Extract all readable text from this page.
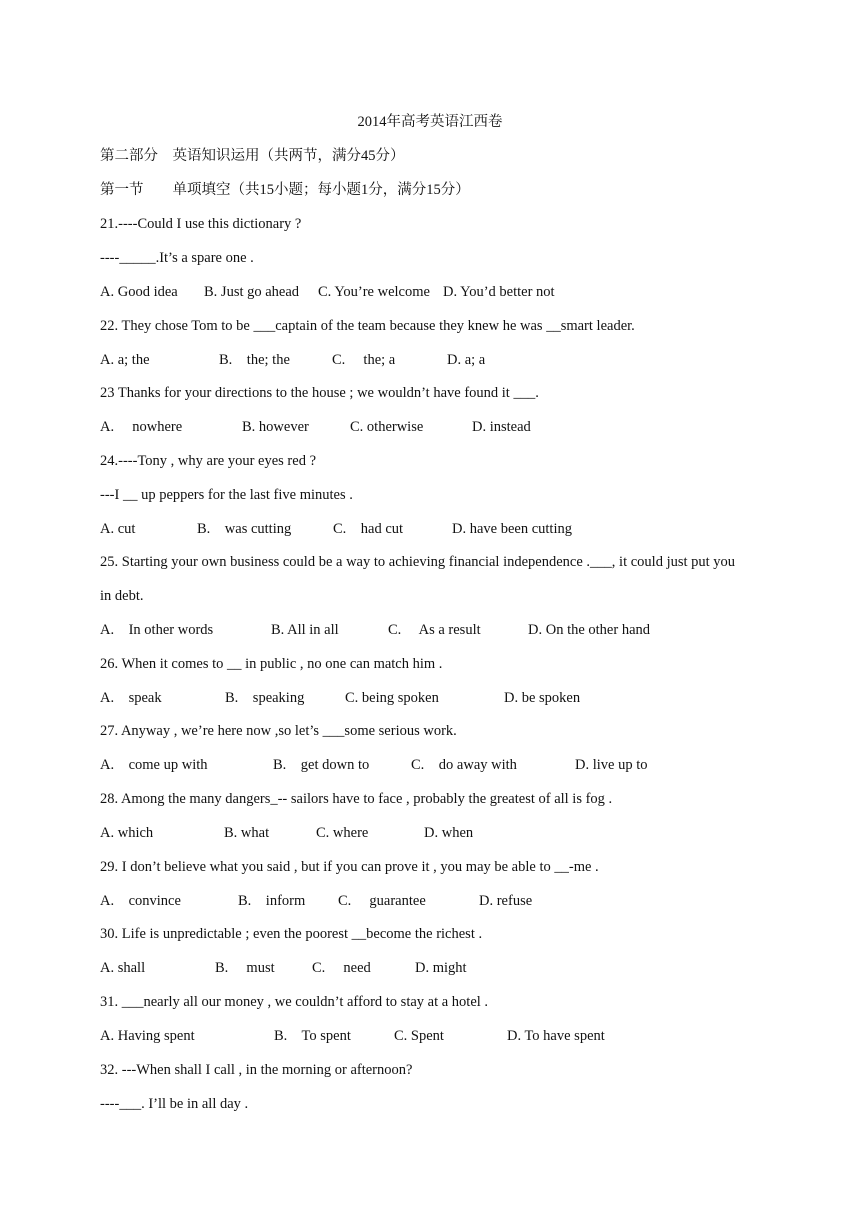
2014年高考英语江西卷
第二部分　英语知识运用（共两节，满分45分）
第一节　　单项填空（共15小题；每小题1分，满分15分）
21.----Could I use this dictionary ?
----_____.It’s a spare one .
A. Good idea B. Just go ahead C. You’re welcome D. You’d better not
22. They chose Tom to be ___captain of the team because they knew he was __smart leader.
A. a; the	B.    the; the	C.     the; a	D. a; a
23 Thanks for your directions to the house ; we wouldn’t have found it ___.
A.     nowhere	B. however	C. otherwise	D. instead
24.----Tony , why are your eyes red ?
---I __ up peppers for the last five minutes .
A. cut	B.    was cutting	C.    had cut	D. have been cutting
25. Starting your own business could be a way to achieving financial independence .___, it could just put you
in debt.
A.    In other words	B. All in all	C.     As a result	D. On the other hand
26. When it comes to __ in public , no one can match him .
A.    speak	B.    speaking	C. being spoken	D. be spoken
27. Anyway , we’re here now ,so let’s ___some serious work.
A.    come up with	B.    get down to	C.    do away with	D. live up to
28. Among the many dangers_-- sailors have to face , probably the greatest of all is fog .
A. which	B. what	C. where	D. when
29. I don’t believe what you said , but if you can prove it , you may be able to __-me .
A.    convince	B.    inform C.     guarantee	D. refuse
30. Life is unpredictable ; even the poorest __become the richest .
A. shall	B.     must	C.     need	D. might
31. ___nearly all our money , we couldn’t afford to stay at a hotel .
A. Having spent	B.    To spent	C. Spent	D. To have spent
32. ---When shall I call , in the morning or afternoon?
----___. I’ll be in all day .
